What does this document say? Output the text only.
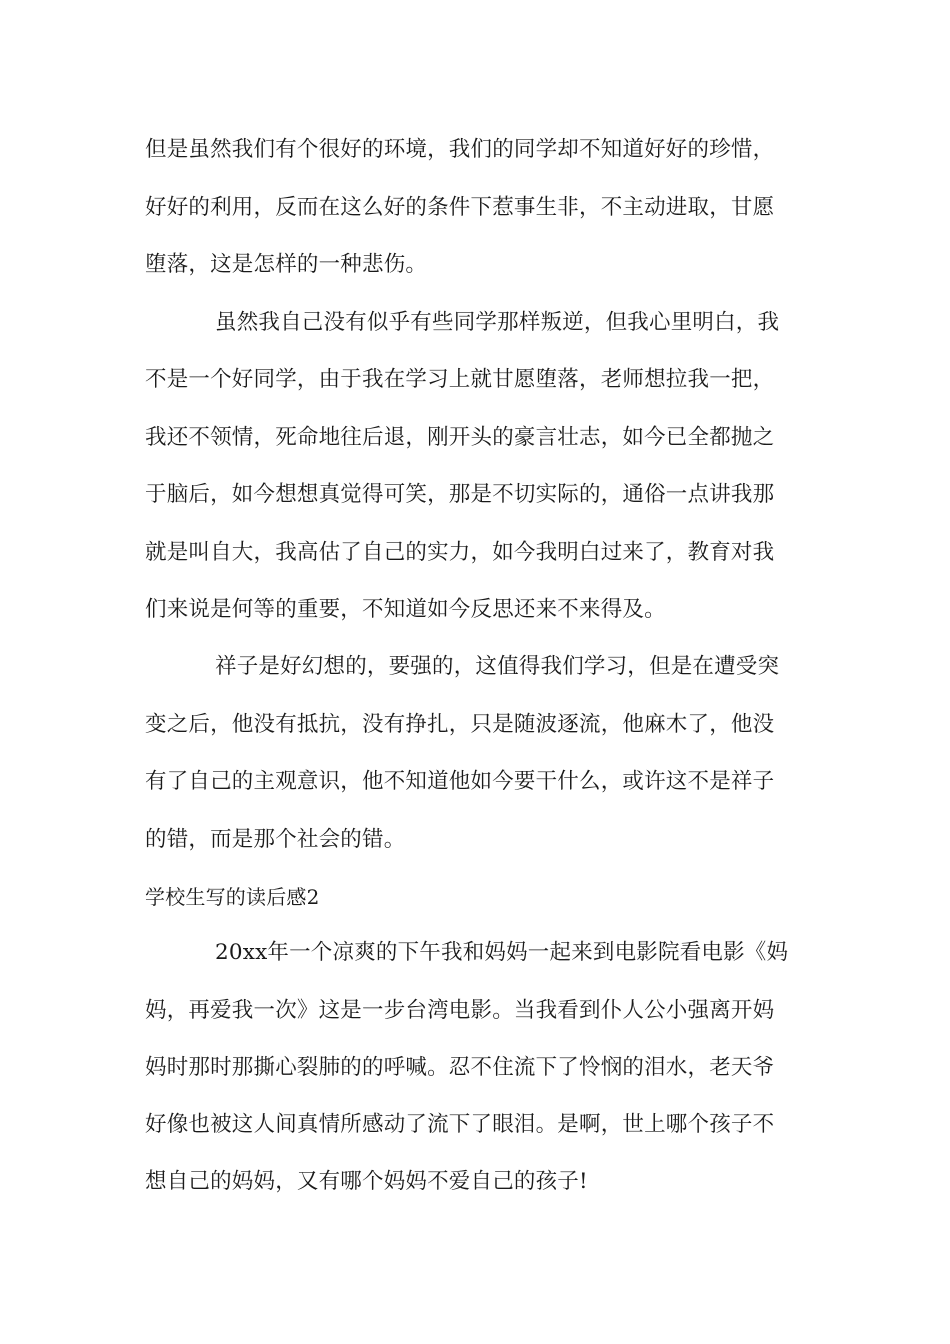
但是虽然我们有个很好的环境，我们的同学却不知道好好的珍惜，
好好的利用，反而在这么好的条件下惹事生非，不主动进取，甘愿
堕落，这是怎样的一种悲伤。
虽然我自己没有似乎有些同学那样叛逆，但我心里明白，我
不是一个好同学，由于我在学习上就甘愿堕落，老师想拉我一把，
我还不领情，死命地往后退，刚开头的豪言壮志，如今已全都抛之
于脑后，如今想想真觉得可笑，那是不切实际的，通俗一点讲我那
就是叫自大，我高估了自己的实力，如今我明白过来了，教育对我
们来说是何等的重要，不知道如今反思还来不来得及。
祥子是好幻想的，要强的，这值得我们学习，但是在遭受突
变之后，他没有抵抗，没有挣扎，只是随波逐流，他麻木了，他没
有了自己的主观意识，他不知道他如今要干什么，或许这不是祥子
的错，而是那个社会的错。
学校生写的读后感2
20xx年一个凉爽的下午我和妈妈一起来到电影院看电影《妈
妈，再爱我一次》这是一步台湾电影。当我看到仆人公小强离开妈
妈时那时那撕心裂肺的的呼喊。忍不住流下了怜悯的泪水，老天爷
好像也被这人间真情所感动了流下了眼泪。是啊，世上哪个孩子不
想自己的妈妈，又有哪个妈妈不爱自己的孩子!
